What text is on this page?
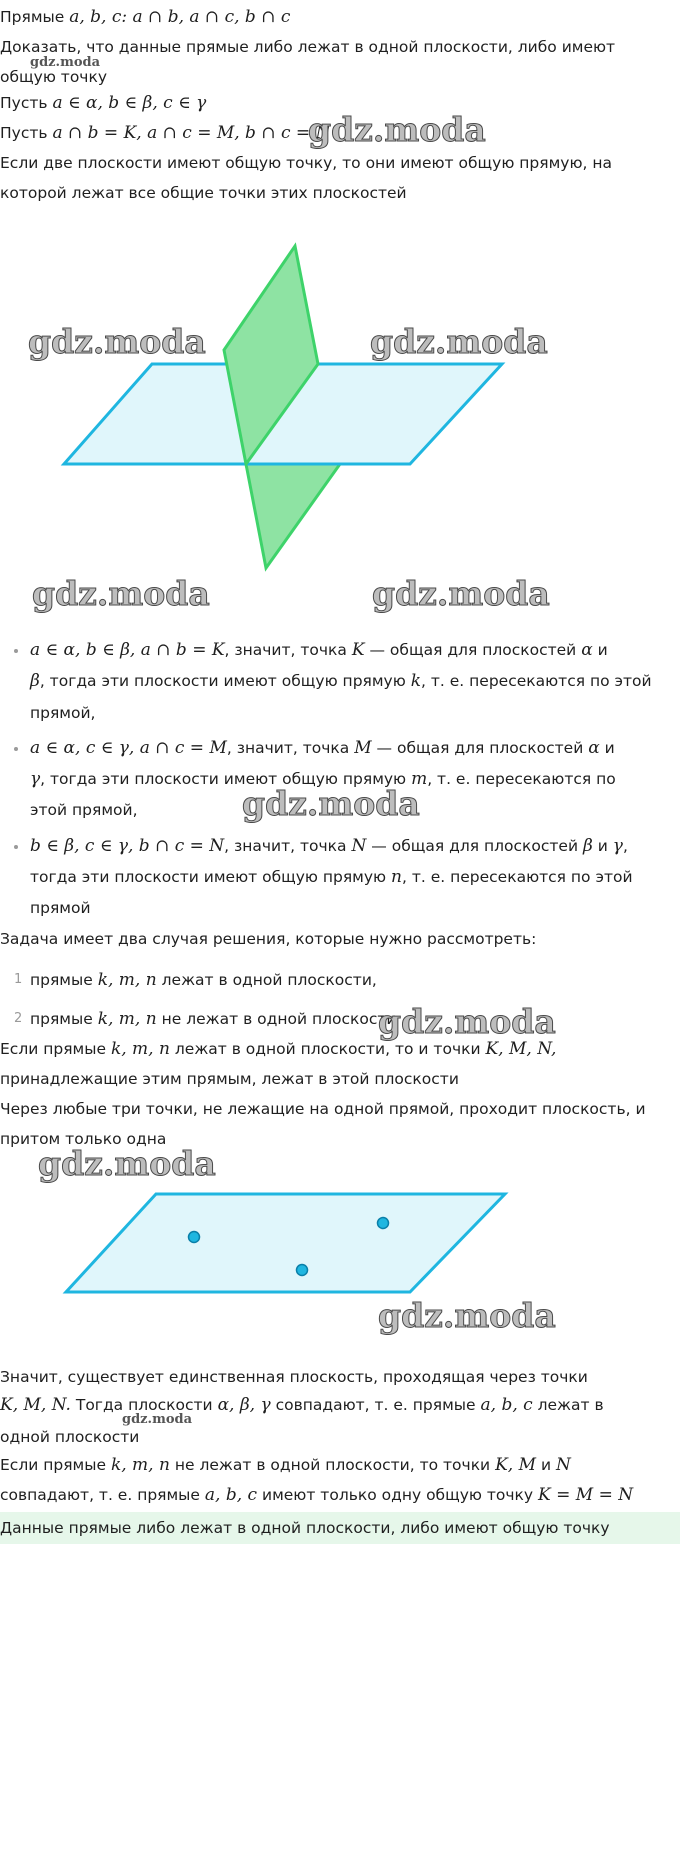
Прямые a, b, c: a ∩ b, a ∩ c, b ∩ c
Доказать, что данные прямые либо лежат в одной плоскости, либо имеют
gdz.moda
общую точку
Пусть a ∈ α, b ∈ β, c ∈ γ
Пусть a ∩ b = K, a ∩ c = M, b ∩ c = N
gdz.moda
Если две плоскости имеют общую точку, то они имеют общую прямую, на
которой лежат все общие точки этих плоскостей
gdz.moda	gdz.moda
gdz.moda	gdz.moda
a ∈ α, b ∈ β, a ∩ b = K, значит, точка K — общая для плоскостей α и
β, тогда эти плоскости имеют общую прямую k, т. е. пересекаются по этой
прямой,
a ∈ α, c ∈ γ, a ∩ c = M, значит, точка M — общая для плоскостей α и
γ, тогда эти плоскости имеют общую прямую m, т. е. пересекаются по
этой прямой,	gdz.moda
b ∈ β, c ∈ γ, b ∩ c = N, значит, точка N — общая для плоскостей β и γ,
тогда эти плоскости имеют общую прямую n, т. е. пересекаются по этой
прямой
Задача имеет два случая решения, которые нужно рассмотреть:
1 прямые k, m, n лежат в одной плоскости,
2 прямые k, m, n не лежат в одной плоскости
gdz.moda
Если прямые k, m, n лежат в одной плоскости, то и точки K, M, N,
принадлежащие этим прямым, лежат в этой плоскости
Через любые три точки, не лежащие на одной прямой, проходит плоскость, и
притом только одна
gdz.moda
gdz.moda
Значит, существует единственная плоскость, проходящая через точки
K, M, N. Тогда плоскости α, β, γ совпадают, т. е. прямые a, b, c лежат в
gdz.moda
одной плоскости
Если прямые k, m, n не лежат в одной плоскости, то точки K, M и N
совпадают, т. е. прямые a, b, c имеют только одну общую точку K = M = N
Данные прямые либо лежат в одной плоскости, либо имеют общую точку
